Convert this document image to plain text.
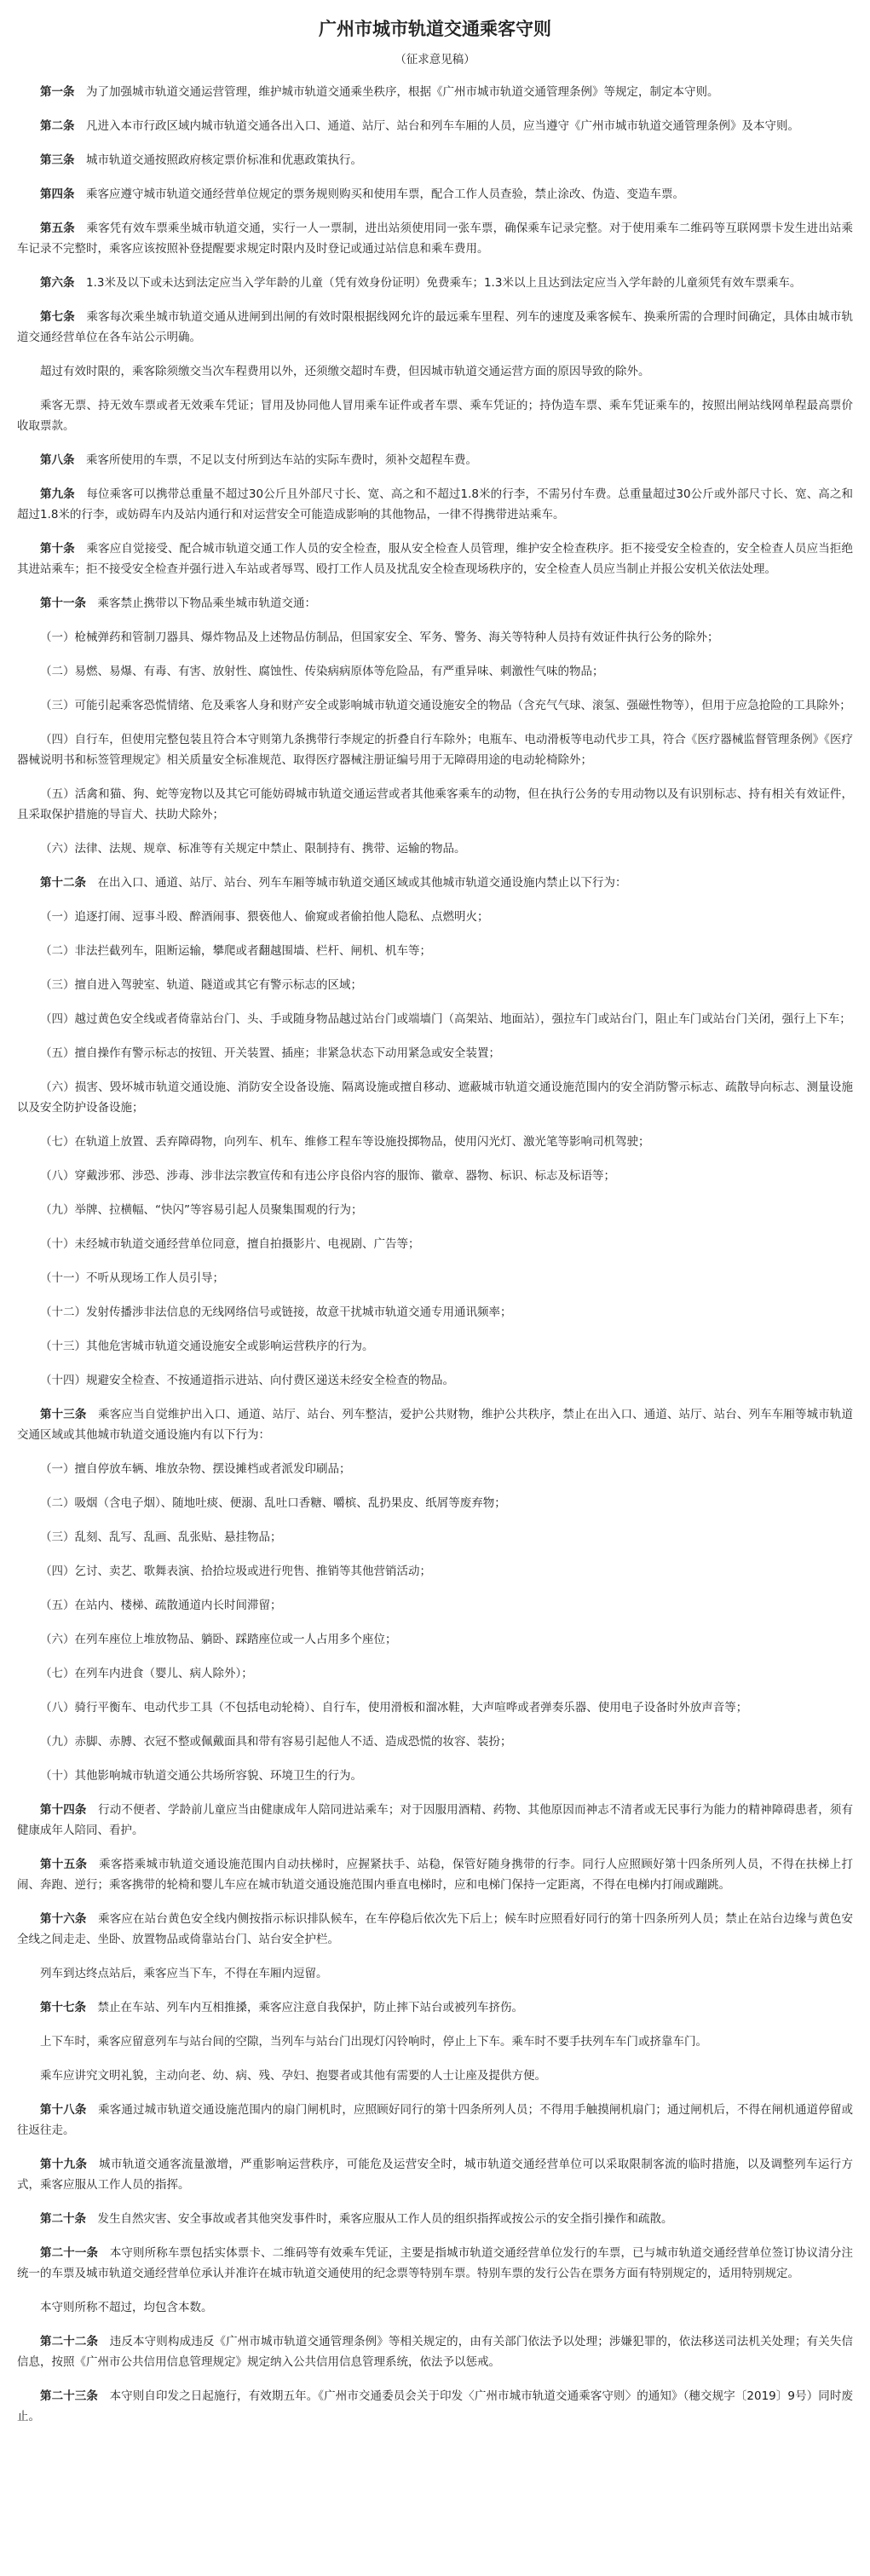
广州市城市轨道交通乘客守则
（征求意见稿）

第一条  为了加强城市轨道交通运营管理，维护城市轨道交通乘坐秩序，根据《广州市城市轨道交通管理条例》等规定，制定本守则。

第二条  凡进入本市行政区域内城市轨道交通各出入口、通道、站厅、站台和列车车厢的人员，应当遵守《广州市城市轨道交通管理条例》及本守则。

第三条  城市轨道交通按照政府核定票价标准和优惠政策执行。

第四条  乘客应遵守城市轨道交通经营单位规定的票务规则购买和使用车票，配合工作人员查验，禁止涂改、伪造、变造车票。

第五条  乘客凭有效车票乘坐城市轨道交通，实行一人一票制，进出站须使用同一张车票，确保乘车记录完整。对于使用乘车二维码等互联网票卡发生进出站乘车记录不完整时，乘客应该按照补登提醒要求规定时限内及时登记或通过站信息和乘车费用。

第六条  1.3米及以下或未达到法定应当入学年龄的儿童（凭有效身份证明）免费乘车；1.3米以上且达到法定应当入学年龄的儿童须凭有效车票乘车。

第七条  乘客每次乘坐城市轨道交通从进闸到出闸的有效时限根据线网允许的最远乘车里程、列车的速度及乘客候车、换乘所需的合理时间确定，具体由城市轨道交通经营单位在各车站公示明确。

超过有效时限的，乘客除须缴交当次车程费用以外，还须缴交超时车费，但因城市轨道交通运营方面的原因导致的除外。

乘客无票、持无效车票或者无效乘车凭证；冒用及协同他人冒用乘车证件或者车票、乘车凭证的；持伪造车票、乘车凭证乘车的，按照出闸站线网单程最高票价收取票款。

第八条  乘客所使用的车票，不足以支付所到达车站的实际车费时，须补交超程车费。

第九条  每位乘客可以携带总重量不超过30公斤且外部尺寸长、宽、高之和不超过1.8米的行李，不需另付车费。总重量超过30公斤或外部尺寸长、宽、高之和超过1.8米的行李，或妨碍车内及站内通行和对运营安全可能造成影响的其他物品，一律不得携带进站乘车。

第十条  乘客应自觉接受、配合城市轨道交通工作人员的安全检查，服从安全检查人员管理，维护安全检查秩序。拒不接受安全检查的，安全检查人员应当拒绝其进站乘车；拒不接受安全检查并强行进入车站或者辱骂、殴打工作人员及扰乱安全检查现场秩序的，安全检查人员应当制止并报公安机关依法处理。

第十一条  乘客禁止携带以下物品乘坐城市轨道交通：

（一）枪械弹药和管制刀器具、爆炸物品及上述物品仿制品，但国家安全、军务、警务、海关等特种人员持有效证件执行公务的除外；

（二）易燃、易爆、有毒、有害、放射性、腐蚀性、传染病病原体等危险品，有严重异味、刺激性气味的物品；

（三）可能引起乘客恐慌情绪、危及乘客人身和财产安全或影响城市轨道交通设施安全的物品（含充气气球、滚氢、强磁性物等），但用于应急抢险的工具除外；

（四）自行车，但使用完整包装且符合本守则第九条携带行李规定的折叠自行车除外；电瓶车、电动滑板等电动代步工具，符合《医疗器械监督管理条例》《医疗器械说明书和标签管理规定》相关质量安全标准规范、取得医疗器械注册证编号用于无障碍用途的电动轮椅除外；

（五）活禽和猫、狗、蛇等宠物以及其它可能妨碍城市轨道交通运营或者其他乘客乘车的动物，但在执行公务的专用动物以及有识别标志、持有相关有效证件，且采取保护措施的导盲犬、扶助犬除外；

（六）法律、法规、规章、标准等有关规定中禁止、限制持有、携带、运输的物品。

第十二条  在出入口、通道、站厅、站台、列车车厢等城市轨道交通区域或其他城市轨道交通设施内禁止以下行为：

（一）追逐打闹、逗事斗殴、醉酒闹事、猥亵他人、偷窥或者偷拍他人隐私、点燃明火；

（二）非法拦截列车，阻断运输，攀爬或者翻越围墙、栏杆、闸机、机车等；

（三）擅自进入驾驶室、轨道、隧道或其它有警示标志的区域；

（四）越过黄色安全线或者倚靠站台门、头、手或随身物品越过站台门或端墙门（高架站、地面站），强拉车门或站台门，阻止车门或站台门关闭，强行上下车；

（五）擅自操作有警示标志的按钮、开关装置、插座；非紧急状态下动用紧急或安全装置；

（六）损害、毁坏城市轨道交通设施、消防安全设备设施、隔离设施或擅自移动、遮蔽城市轨道交通设施范围内的安全消防警示标志、疏散导向标志、测量设施以及安全防护设备设施；

（七）在轨道上放置、丢弃障碍物，向列车、机车、维修工程车等设施投掷物品，使用闪光灯、激光笔等影响司机驾驶；

（八）穿戴涉邪、涉恐、涉毒、涉非法宗教宣传和有违公序良俗内容的服饰、徽章、器物、标识、标志及标语等；

（九）举牌、拉横幅、“快闪”等容易引起人员聚集围观的行为；

（十）未经城市轨道交通经营单位同意，擅自拍摄影片、电视剧、广告等；

（十一）不听从现场工作人员引导；

（十二）发射传播涉非法信息的无线网络信号或链接，故意干扰城市轨道交通专用通讯频率；

（十三）其他危害城市轨道交通设施安全或影响运营秩序的行为。

（十四）规避安全检查、不按通道指示进站、向付费区递送未经安全检查的物品。

第十三条  乘客应当自觉维护出入口、通道、站厅、站台、列车整洁，爱护公共财物，维护公共秩序，禁止在出入口、通道、站厅、站台、列车车厢等城市轨道交通区域或其他城市轨道交通设施内有以下行为：

（一）擅自停放车辆、堆放杂物、摆设摊档或者派发印刷品；

（二）吸烟（含电子烟）、随地吐痰、便溺、乱吐口香糖、嚼槟、乱扔果皮、纸屑等废弃物；

（三）乱刻、乱写、乱画、乱张贴、悬挂物品；

（四）乞讨、卖艺、歌舞表演、拾拾垃圾或进行兜售、推销等其他营销活动；

（五）在站内、楼梯、疏散通道内长时间滞留；

（六）在列车座位上堆放物品、躺卧、踩踏座位或一人占用多个座位；

（七）在列车内进食（婴儿、病人除外）；

（八）骑行平衡车、电动代步工具（不包括电动轮椅）、自行车，使用滑板和溜冰鞋，大声喧哗或者弹奏乐器、使用电子设备时外放声音等；

（九）赤脚、赤膊、衣冠不整或佩戴面具和带有容易引起他人不适、造成恐慌的妆容、装扮；

（十）其他影响城市轨道交通公共场所容貌、环境卫生的行为。

第十四条  行动不便者、学龄前儿童应当由健康成年人陪同进站乘车；对于因服用酒精、药物、其他原因而神志不清者或无民事行为能力的精神障碍患者，须有健康成年人陪同、看护。

第十五条  乘客搭乘城市轨道交通设施范围内自动扶梯时，应握紧扶手、站稳，保管好随身携带的行李。同行人应照顾好第十四条所列人员，不得在扶梯上打闹、奔跑、逆行；乘客携带的轮椅和婴儿车应在城市轨道交通设施范围内垂直电梯时，应和电梯门保持一定距离，不得在电梯内打闹或蹦跳。

第十六条  乘客应在站台黄色安全线内侧按指示标识排队候车，在车停稳后依次先下后上；候车时应照看好同行的第十四条所列人员；禁止在站台边缘与黄色安全线之间走走、坐卧、放置物品或倚靠站台门、站台安全护栏。

列车到达终点站后，乘客应当下车，不得在车厢内逗留。

第十七条  禁止在车站、列车内互相推搡，乘客应注意自我保护，防止摔下站台或被列车挤伤。

上下车时，乘客应留意列车与站台间的空隙，当列车与站台门出现灯闪铃响时，停止上下车。乘车时不要手扶列车车门或挤靠车门。

乘车应讲究文明礼貌，主动向老、幼、病、残、孕妇、抱婴者或其他有需要的人士让座及提供方便。

第十八条  乘客通过城市轨道交通设施范围内的扇门闸机时，应照顾好同行的第十四条所列人员；不得用手触摸闸机扇门；通过闸机后，不得在闸机通道停留或往返往走。

第十九条  城市轨道交通客流量激增，严重影响运营秩序，可能危及运营安全时，城市轨道交通经营单位可以采取限制客流的临时措施，以及调整列车运行方式，乘客应服从工作人员的指挥。

第二十条  发生自然灾害、安全事故或者其他突发事件时，乘客应服从工作人员的组织指挥或按公示的安全指引操作和疏散。

第二十一条  本守则所称车票包括实体票卡、二维码等有效乘车凭证，主要是指城市轨道交通经营单位发行的车票，已与城市轨道交通经营单位签订协议清分注统一的车票及城市轨道交通经营单位承认并准许在城市轨道交通使用的纪念票等特别车票。特别车票的发行公告在票务方面有特别规定的，适用特别规定。

本守则所称不超过，均包含本数。

第二十二条  违反本守则构成违反《广州市城市轨道交通管理条例》等相关规定的，由有关部门依法予以处理；涉嫌犯罪的，依法移送司法机关处理；有关失信信息，按照《广州市公共信用信息管理规定》规定纳入公共信用信息管理系统，依法予以惩戒。

第二十三条  本守则自印发之日起施行，有效期五年。《广州市交通委员会关于印发〈广州市城市轨道交通乘客守则〉的通知》（穗交规字〔2019〕9号）同时废止。
